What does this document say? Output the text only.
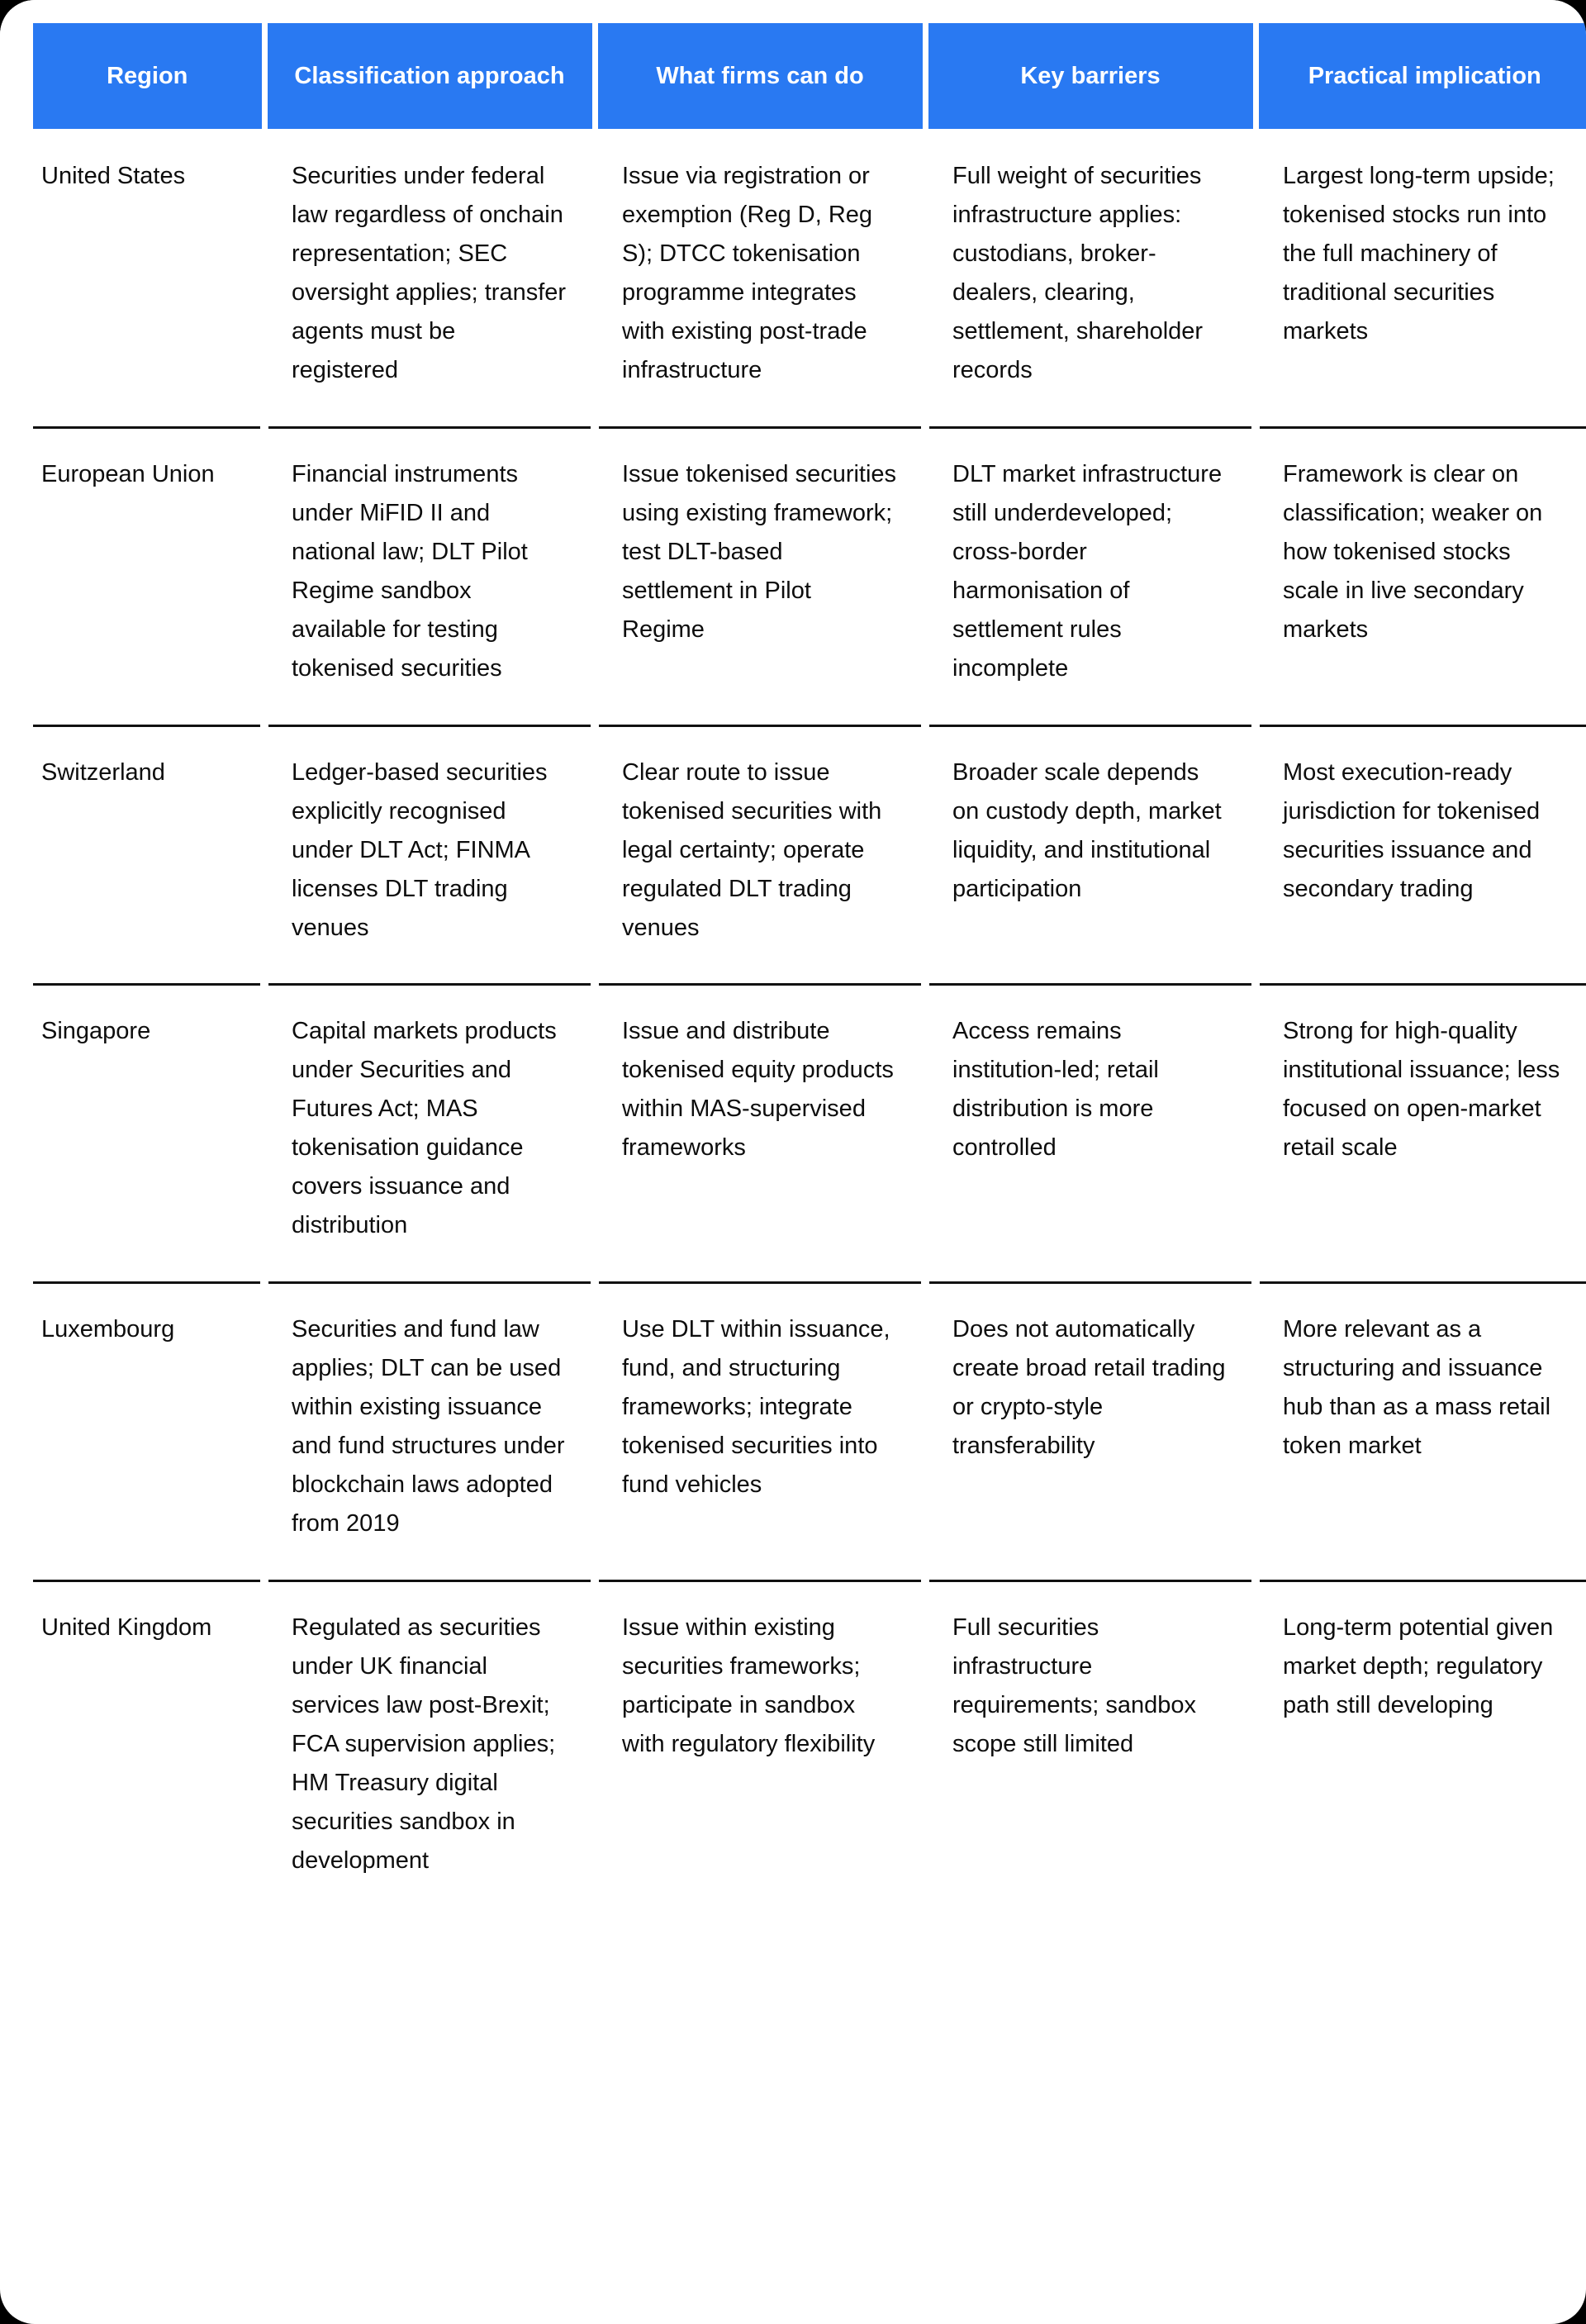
Region	Classification approach	What firms can do	Key barriers	Practical implication
United States	Securities under federal law regardless of onchain representation; SEC oversight applies; transfer agents must be registered	Issue via registration or exemption (Reg D, Reg S); DTCC tokenisation programme integrates with existing post-trade infrastructure	Full weight of securities infrastructure applies: custodians, broker-dealers, clearing, settlement, shareholder records	Largest long-term upside; tokenised stocks run into the full machinery of traditional securities markets
European Union	Financial instruments under MiFID II and national law; DLT Pilot Regime sandbox available for testing tokenised securities	Issue tokenised securities using existing framework; test DLT-based settlement in Pilot Regime	DLT market infrastructure still underdeveloped; cross-border harmonisation of settlement rules incomplete	Framework is clear on classification; weaker on how tokenised stocks scale in live secondary markets
Switzerland	Ledger-based securities explicitly recognised under DLT Act; FINMA licenses DLT trading venues	Clear route to issue tokenised securities with legal certainty; operate regulated DLT trading venues	Broader scale depends on custody depth, market liquidity, and institutional participation	Most execution-ready jurisdiction for tokenised securities issuance and secondary trading
Singapore	Capital markets products under Securities and Futures Act; MAS tokenisation guidance covers issuance and distribution	Issue and distribute tokenised equity products within MAS-supervised frameworks	Access remains institution-led; retail distribution is more controlled	Strong for high-quality institutional issuance; less focused on open-market retail scale
Luxembourg	Securities and fund law applies; DLT can be used within existing issuance and fund structures under blockchain laws adopted from 2019	Use DLT within issuance, fund, and structuring frameworks; integrate tokenised securities into fund vehicles	Does not automatically create broad retail trading or crypto-style transferability	More relevant as a structuring and issuance hub than as a mass retail token market
United Kingdom	Regulated as securities under UK financial services law post-Brexit; FCA supervision applies; HM Treasury digital securities sandbox in development	Issue within existing securities frameworks; participate in sandbox with regulatory flexibility	Full securities infrastructure requirements; sandbox scope still limited	Long-term potential given market depth; regulatory path still developing
